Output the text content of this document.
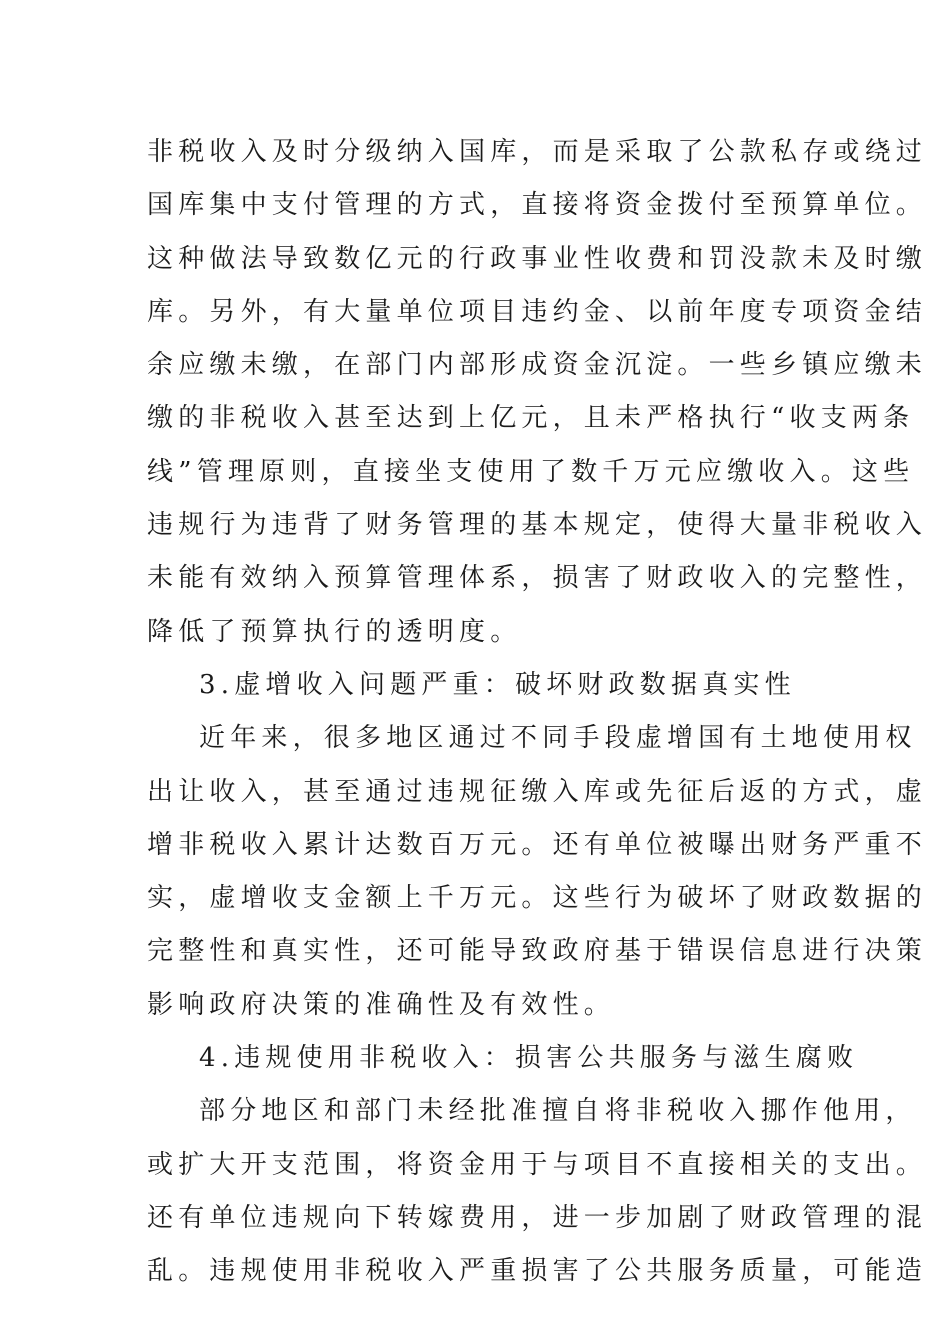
非税收入及时分级纳入国库，而是采取了公款私存或绕过
国库集中支付管理的方式，直接将资金拨付至预算单位。
这种做法导致数亿元的行政事业性收费和罚没款未及时缴
库。另外，有大量单位项目违约金、以前年度专项资金结
余应缴未缴，在部门内部形成资金沉淀。一些乡镇应缴未
缴的非税收入甚至达到上亿元，且未严格执行“收支两条
线”管理原则，直接坐支使用了数千万元应缴收入。这些
违规行为违背了财务管理的基本规定，使得大量非税收入
未能有效纳入预算管理体系，损害了财政收入的完整性，
降低了预算执行的透明度。
3.虚增收入问题严重：破坏财政数据真实性
近年来，很多地区通过不同手段虚增国有土地使用权
出让收入，甚至通过违规征缴入库或先征后返的方式，虚
增非税收入累计达数百万元。还有单位被曝出财务严重不
实，虚增收支金额上千万元。这些行为破坏了财政数据的
完整性和真实性，还可能导致政府基于错误信息进行决策
影响政府决策的准确性及有效性。
4.违规使用非税收入：损害公共服务与滋生腐败
部分地区和部门未经批准擅自将非税收入挪作他用，
或扩大开支范围，将资金用于与项目不直接相关的支出。
还有单位违规向下转嫁费用，进一步加剧了财政管理的混
乱。违规使用非税收入严重损害了公共服务质量，可能造
